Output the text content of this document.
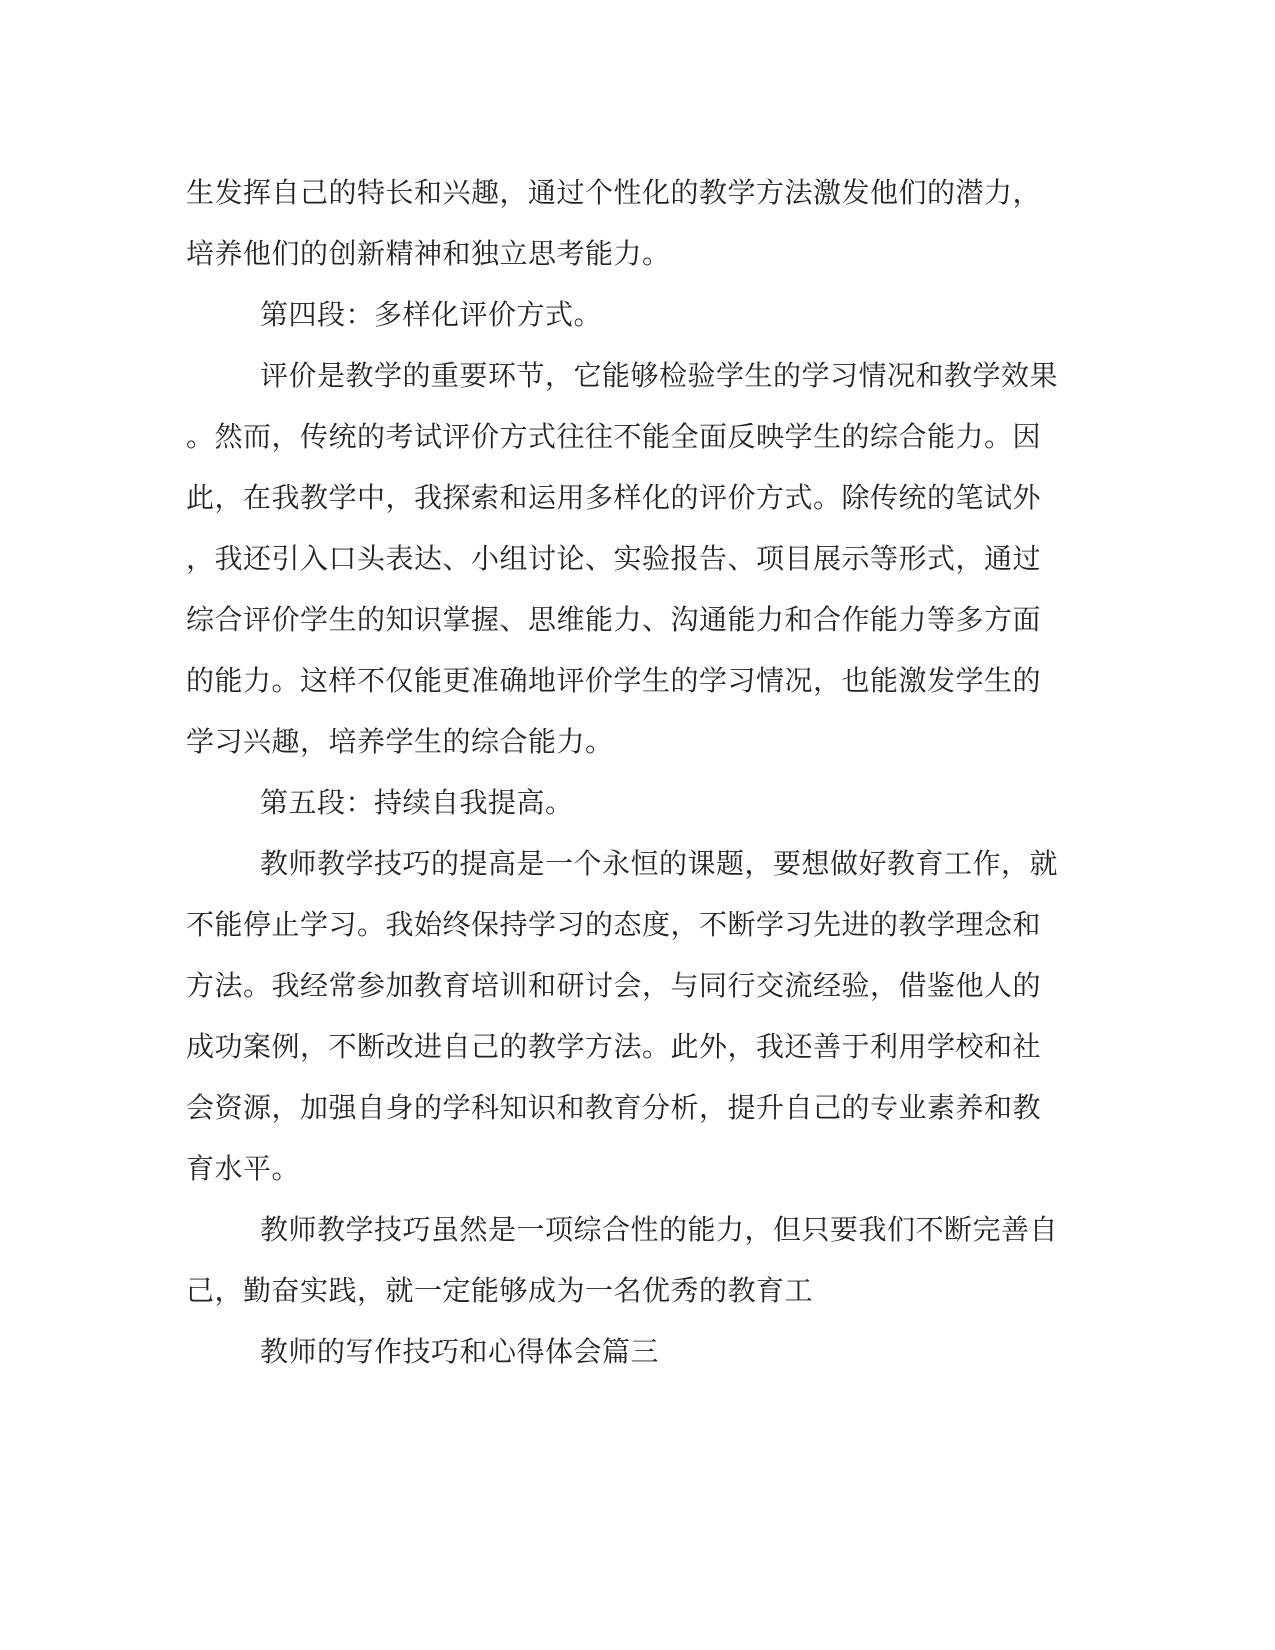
生发挥自己的特长和兴趣，通过个性化的教学方法激发他们的潜力，
培养他们的创新精神和独立思考能力。
第四段：多样化评价方式。
评价是教学的重要环节，它能够检验学生的学习情况和教学效果
。然而，传统的考试评价方式往往不能全面反映学生的综合能力。因
此，在我教学中，我探索和运用多样化的评价方式。除传统的笔试外
，我还引入口头表达、小组讨论、实验报告、项目展示等形式，通过
综合评价学生的知识掌握、思维能力、沟通能力和合作能力等多方面
的能力。这样不仅能更准确地评价学生的学习情况，也能激发学生的
学习兴趣，培养学生的综合能力。
第五段：持续自我提高。
教师教学技巧的提高是一个永恒的课题，要想做好教育工作，就
不能停止学习。我始终保持学习的态度，不断学习先进的教学理念和
方法。我经常参加教育培训和研讨会，与同行交流经验，借鉴他人的
成功案例，不断改进自己的教学方法。此外，我还善于利用学校和社
会资源，加强自身的学科知识和教育分析，提升自己的专业素养和教
育水平。
教师教学技巧虽然是一项综合性的能力，但只要我们不断完善自
己，勤奋实践，就一定能够成为一名优秀的教育工
教师的写作技巧和心得体会篇三
